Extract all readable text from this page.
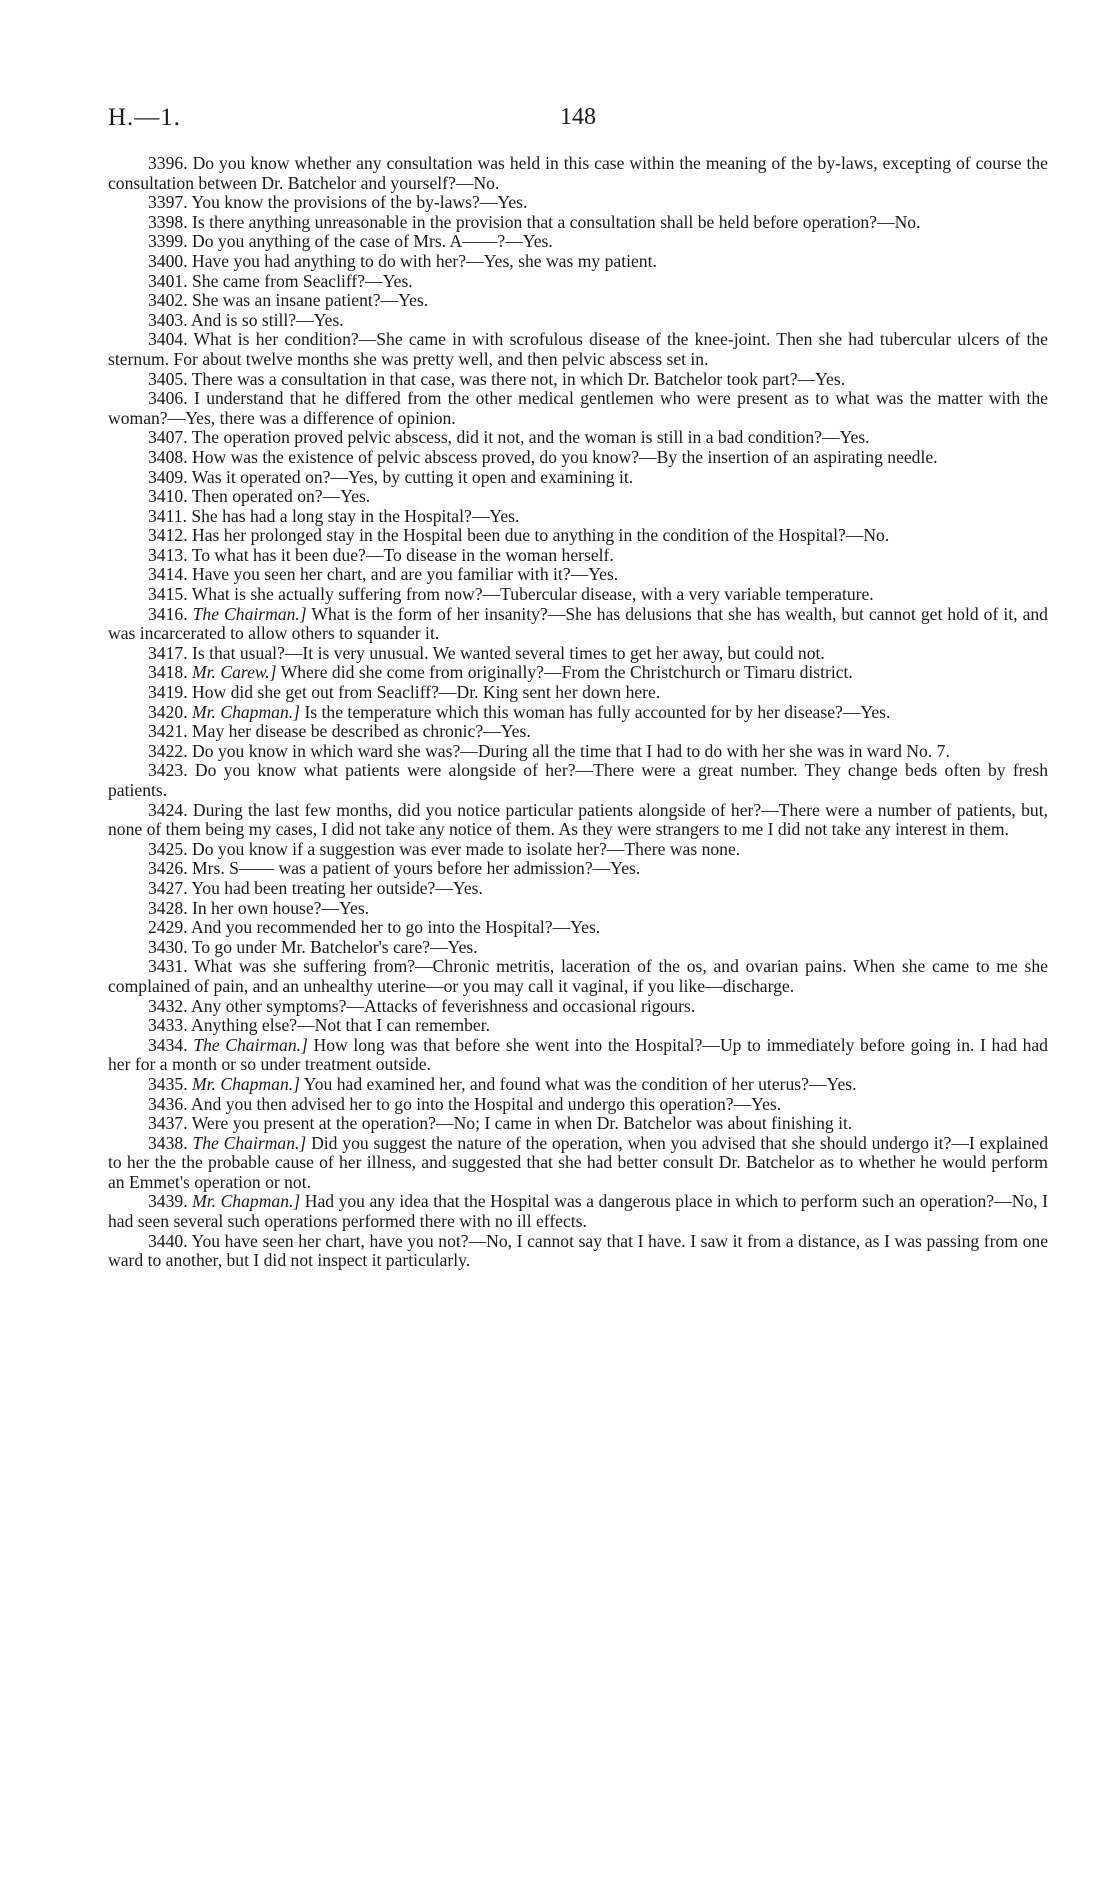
H.—1.	148

3396. Do you know whether any consultation was held in this case within the meaning of the by-laws, excepting of course the consultation between Dr. Batchelor and yourself?—No.

3397. You know the provisions of the by-laws?—Yes.

3398. Is there anything unreasonable in the provision that a consultation shall be held before operation?—No.

3399. Do you anything of the case of Mrs. A——?—Yes.

3400. Have you had anything to do with her?—Yes, she was my patient.

3401. She came from Seacliff?—Yes.

3402. She was an insane patient?—Yes.

3403. And is so still?—Yes.

3404. What is her condition?—She came in with scrofulous disease of the knee-joint. Then she had tubercular ulcers of the sternum. For about twelve months she was pretty well, and then pelvic abscess set in.

3405. There was a consultation in that case, was there not, in which Dr. Batchelor took part?—Yes.

3406. I understand that he differed from the other medical gentlemen who were present as to what was the matter with the woman?—Yes, there was a difference of opinion.

3407. The operation proved pelvic abscess, did it not, and the woman is still in a bad condition?—Yes.

3408. How was the existence of pelvic abscess proved, do you know?—By the insertion of an aspirating needle.

3409. Was it operated on?—Yes, by cutting it open and examining it.

3410. Then operated on?—Yes.

3411. She has had a long stay in the Hospital?—Yes.

3412. Has her prolonged stay in the Hospital been due to anything in the condition of the Hospital?—No.

3413. To what has it been due?—To disease in the woman herself.

3414. Have you seen her chart, and are you familiar with it?—Yes.

3415. What is she actually suffering from now?—Tubercular disease, with a very variable temperature.

3416. The Chairman.] What is the form of her insanity?—She has delusions that she has wealth, but cannot get hold of it, and was incarcerated to allow others to squander it.

3417. Is that usual?—It is very unusual. We wanted several times to get her away, but could not.

3418. Mr. Carew.] Where did she come from originally?—From the Christchurch or Timaru district.

3419. How did she get out from Seacliff?—Dr. King sent her down here.

3420. Mr. Chapman.] Is the temperature which this woman has fully accounted for by her disease?—Yes.

3421. May her disease be described as chronic?—Yes.

3422. Do you know in which ward she was?—During all the time that I had to do with her she was in ward No. 7.

3423. Do you know what patients were alongside of her?—There were a great number. They change beds often by fresh patients.

3424. During the last few months, did you notice particular patients alongside of her?—There were a number of patients, but, none of them being my cases, I did not take any notice of them. As they were strangers to me I did not take any interest in them.

3425. Do you know if a suggestion was ever made to isolate her?—There was none.

3426. Mrs. S—— was a patient of yours before her admission?—Yes.

3427. You had been treating her outside?—Yes.

3428. In her own house?—Yes.

2429. And you recommended her to go into the Hospital?—Yes.

3430. To go under Mr. Batchelor's care?—Yes.

3431. What was she suffering from?—Chronic metritis, laceration of the os, and ovarian pains. When she came to me she complained of pain, and an unhealthy uterine—or you may call it vaginal, if you like—discharge.

3432. Any other symptoms?—Attacks of feverishness and occasional rigours.

3433. Anything else?—Not that I can remember.

3434. The Chairman.] How long was that before she went into the Hospital?—Up to immediately before going in. I had had her for a month or so under treatment outside.

3435. Mr. Chapman.] You had examined her, and found what was the condition of her uterus?—Yes.

3436. And you then advised her to go into the Hospital and undergo this operation?—Yes.

3437. Were you present at the operation?—No; I came in when Dr. Batchelor was about finishing it.

3438. The Chairman.] Did you suggest the nature of the operation, when you advised that she should undergo it?—I explained to her the the probable cause of her illness, and suggested that she had better consult Dr. Batchelor as to whether he would perform an Emmet's operation or not.

3439. Mr. Chapman.] Had you any idea that the Hospital was a dangerous place in which to perform such an operation?—No, I had seen several such operations performed there with no ill effects.

3440. You have seen her chart, have you not?—No, I cannot say that I have. I saw it from a distance, as I was passing from one ward to another, but I did not inspect it particularly.
